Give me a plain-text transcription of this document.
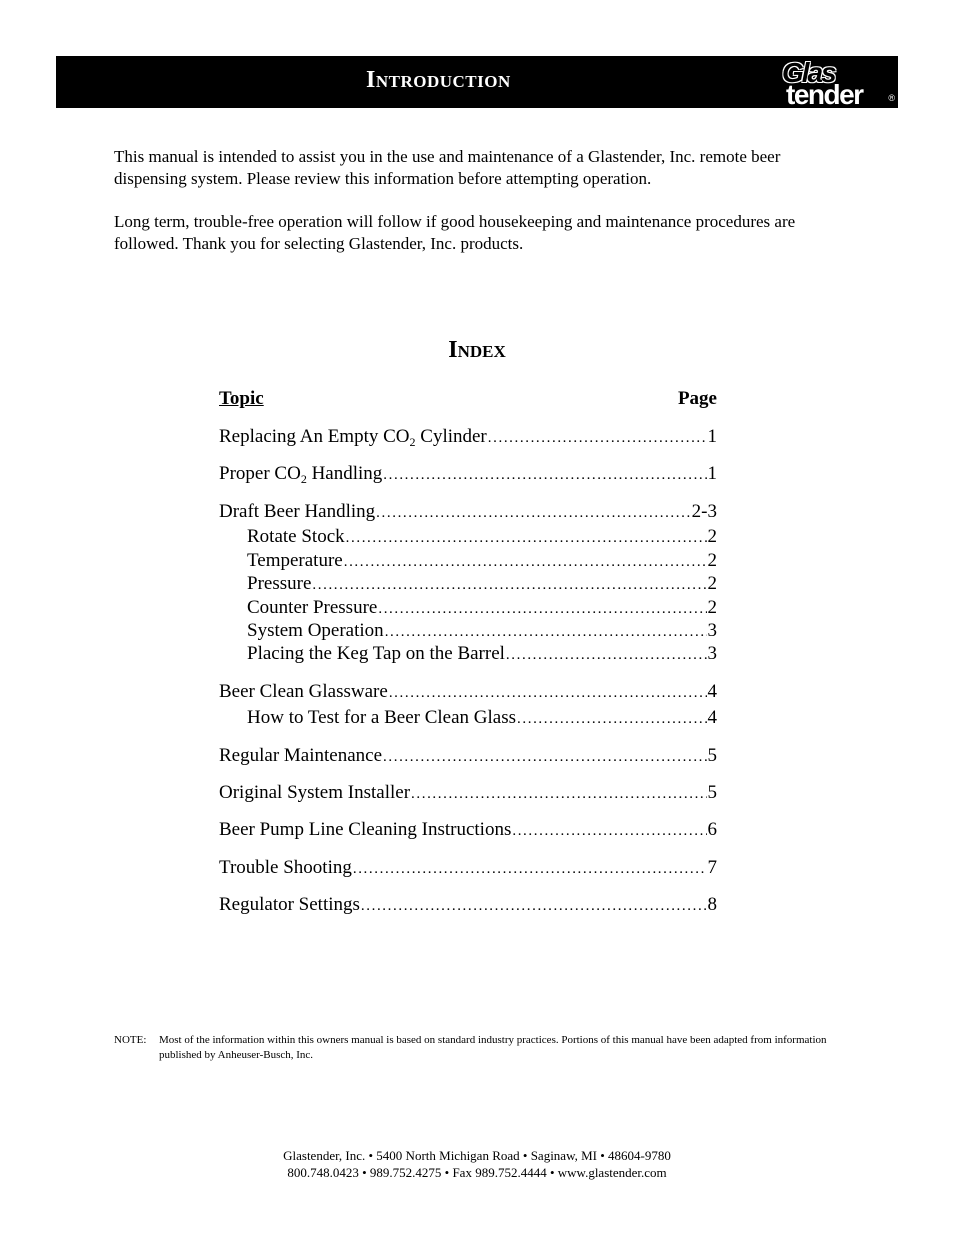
Introduction	Glas
tender	®

This manual is intended to assist you in the use and maintenance of a Glastender, Inc. remote beer dispensing system. Please review this information before attempting operation.

Long term, trouble-free operation will follow if good housekeeping and maintenance procedures are followed. Thank you for selecting Glastender, Inc. products.

Index
Topic	Page
Replacing An Empty $CO_2$ Cylinder .....	1
Proper $CO_2$ Handling .....	1
Draft Beer Handling .....	2-3
Rotate Stock .....	2
Temperature .....	2
Pressure .....	2
Counter Pressure .....	2
System Operation .....	3
Placing the Keg Tap on the Barrel .....	3
Beer Clean Glassware .....	4
How to Test for a Beer Clean Glass .....	4
Regular Maintenance .....	5
Original System Installer .....	5
Beer Pump Line Cleaning Instructions .....	6
Trouble Shooting .....	7
Regulator Settings .....	8
NOTE:	Most of the information within this owners manual is based on standard industry practices. Portions of this manual have been adapted from information published by Anheuser-Busch, Inc.
Glastender, Inc. • 5400 North Michigan Road • Saginaw, MI • 48604-9780
800.748.0423 • 989.752.4275 • Fax 989.752.4444 • www.glastender.com
